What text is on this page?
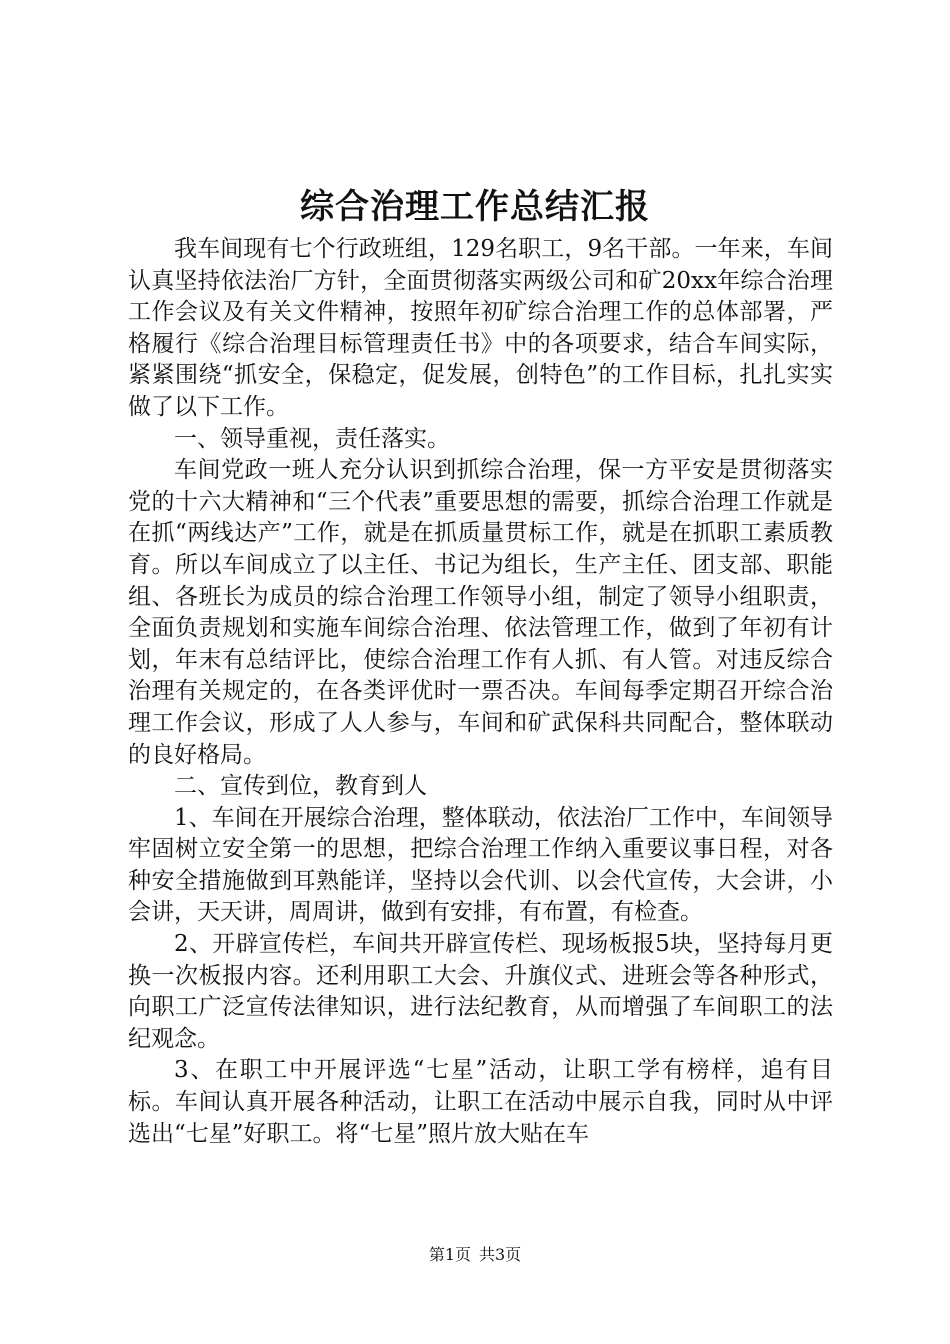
综合治理工作总结汇报

我车间现有七个行政班组，129名职工，9名干部。一年来，车间认真坚持依法治厂方针，全面贯彻落实两级公司和矿20xx年综合治理工作会议及有关文件精神，按照年初矿综合治理工作的总体部署，严格履行《综合治理目标管理责任书》中的各项要求，结合车间实际，紧紧围绕“抓安全，保稳定，促发展，创特色”的工作目标，扎扎实实做了以下工作。

一、领导重视，责任落实。

车间党政一班人充分认识到抓综合治理，保一方平安是贯彻落实党的十六大精神和“三个代表”重要思想的需要，抓综合治理工作就是在抓“两线达产”工作，就是在抓质量贯标工作，就是在抓职工素质教育。所以车间成立了以主任、书记为组长，生产主任、团支部、职能组、各班长为成员的综合治理工作领导小组，制定了领导小组职责，全面负责规划和实施车间综合治理、依法管理工作，做到了年初有计划，年末有总结评比，使综合治理工作有人抓、有人管。对违反综合治理有关规定的，在各类评优时一票否决。车间每季定期召开综合治理工作会议，形成了人人参与，车间和矿武保科共同配合，整体联动的良好格局。

二、宣传到位，教育到人

1、车间在开展综合治理，整体联动，依法治厂工作中，车间领导牢固树立安全第一的思想，把综合治理工作纳入重要议事日程，对各种安全措施做到耳熟能详，坚持以会代训、以会代宣传，大会讲，小会讲，天天讲，周周讲，做到有安排，有布置，有检查。

2、开辟宣传栏，车间共开辟宣传栏、现场板报5块，坚持每月更换一次板报内容。还利用职工大会、升旗仪式、进班会等各种形式，向职工广泛宣传法律知识，进行法纪教育，从而增强了车间职工的法纪观念。

3、在职工中开展评选“七星”活动，让职工学有榜样，追有目标。车间认真开展各种活动，让职工在活动中展示自我，同时从中评选出“七星”好职工。将“七星”照片放大贴在车

第1页 共3页
